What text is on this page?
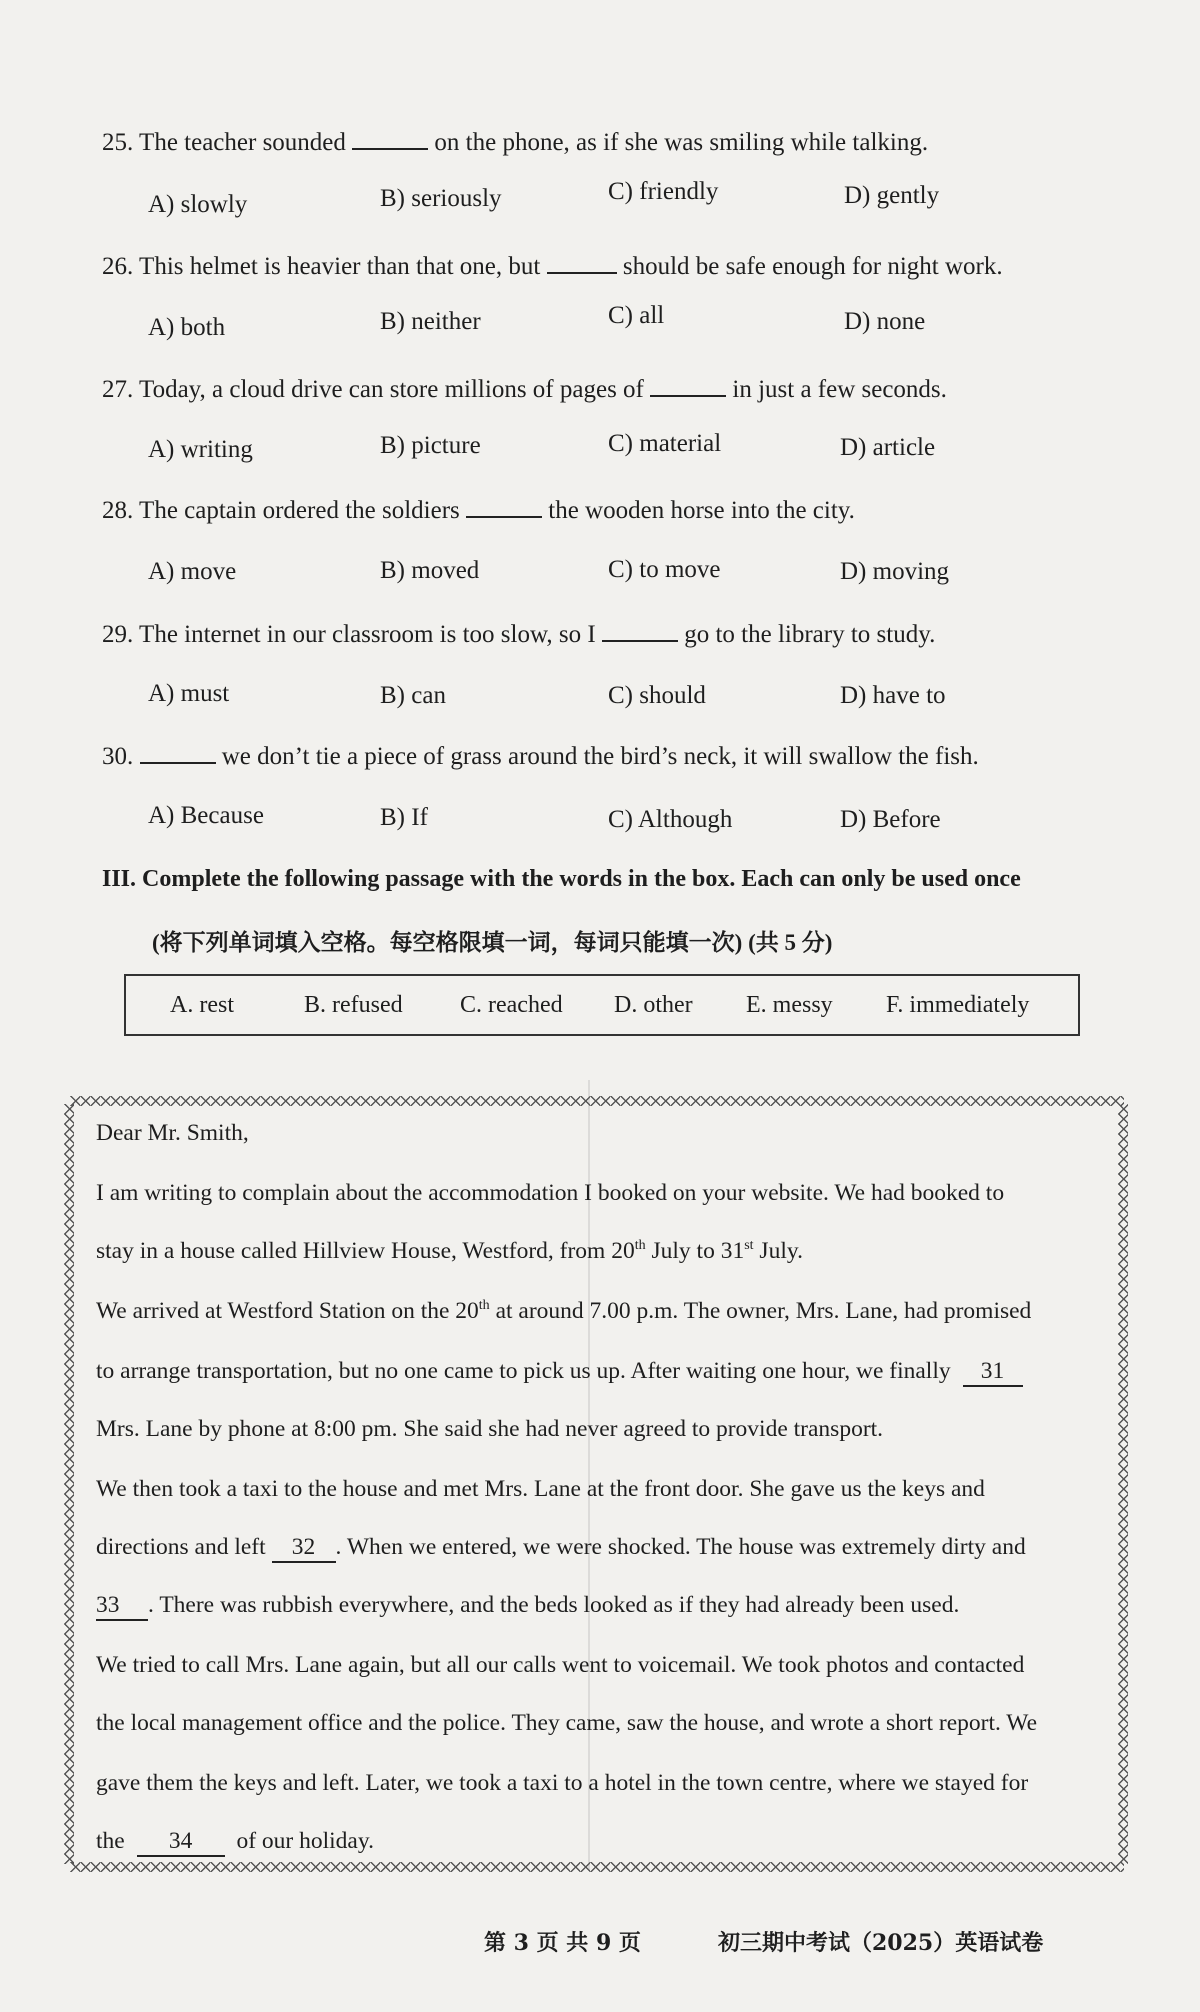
25. The teacher sounded	on the phone, as if she was smiling while talking.
A) slowly	B) seriously	C) friendly	D) gently
26. This helmet is heavier than that one, but	should be safe enough for night work.
A) both	B) neither	C) all	D) none
27. Today, a cloud drive can store millions of pages of	in just a few seconds.
A) writing	B) picture	C) material	D) article
28. The captain ordered the soldiers	the wooden horse into the city.
A) move	B) moved	C) to move	D) moving
29. The internet in our classroom is too slow, so I	go to the library to study.
A) must	B) can	C) should	D) have to
30.	we don’t tie a piece of grass around the bird’s neck, it will swallow the fish.
A) Because	B) If	C) Although	D) Before
III. Complete the following passage with the words in the box. Each can only be used once
(将下列单词填入空格。每空格限填一词，每词只能填一次) (共 5 分)
A. rest	B. refused C. reached D. other E. messy F. immediately
Dear Mr. Smith,
I am writing to complain about the accommodation I booked on your website. We had booked to
stay in a house called Hillview House, Westford, from 20th July to 31st July.
We arrived at Westford Station on the 20th at around 7.00 p.m. The owner, Mrs. Lane, had promised
to arrange transportation, but no one came to pick us up. After waiting one hour, we finally 31
Mrs. Lane by phone at 8:00 pm. She said she had never agreed to provide transport.
We then took a taxi to the house and met Mrs. Lane at the front door. She gave us the keys and
directions and left 32 . When we entered, we were shocked. The house was extremely dirty and
33 . There was rubbish everywhere, and the beds looked as if they had already been used.
We tried to call Mrs. Lane again, but all our calls went to voicemail. We took photos and contacted
the local management office and the police. They came, saw the house, and wrote a short report. We
gave them the keys and left. Later, we took a taxi to a hotel in the town centre, where we stayed for
the 34 of our holiday.
第 3 页 共 9 页	初三期中考试（2025）英语试卷
